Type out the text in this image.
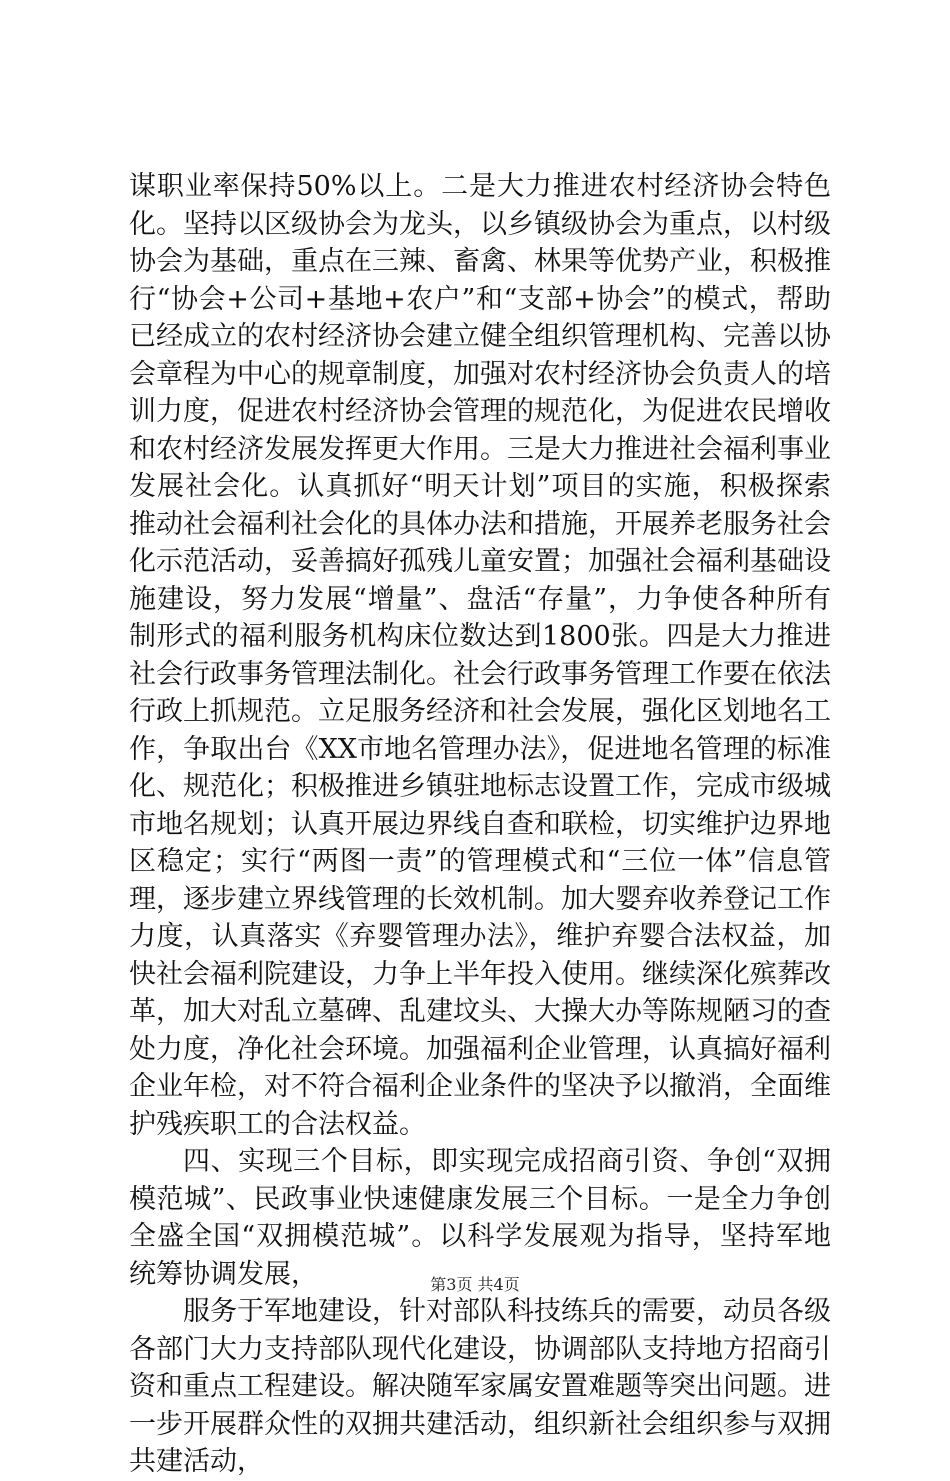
谋职业率保持50%以上。二是大力推进农村经济协会特色化。坚持以区级协会为龙头，以乡镇级协会为重点，以村级协会为基础，重点在三辣、畜禽、林果等优势产业，积极推行“协会+公司+基地+农户”和“支部+协会”的模式，帮助已经成立的农村经济协会建立健全组织管理机构、完善以协会章程为中心的规章制度，加强对农村经济协会负责人的培训力度，促进农村经济协会管理的规范化，为促进农民增收和农村经济发展发挥更大作用。三是大力推进社会福利事业发展社会化。认真抓好“明天计划”项目的实施，积极探索推动社会福利社会化的具体办法和措施，开展养老服务社会化示范活动，妥善搞好孤残儿童安置；加强社会福利基础设施建设，努力发展“增量”、盘活“存量”，力争使各种所有制形式的福利服务机构床位数达到1800张。四是大力推进社会行政事务管理法制化。社会行政事务管理工作要在依法行政上抓规范。立足服务经济和社会发展，强化区划地名工作，争取出台《XX市地名管理办法》，促进地名管理的标准化、规范化；积极推进乡镇驻地标志设置工作，完成市级城市地名规划；认真开展边界线自查和联检，切实维护边界地区稳定；实行“两图一责”的管理模式和“三位一体”信息管理，逐步建立界线管理的长效机制。加大婴弃收养登记工作力度，认真落实《弃婴管理办法》，维护弃婴合法权益，加快社会福利院建设，力争上半年投入使用。继续深化殡葬改革，加大对乱立墓碑、乱建坟头、大操大办等陈规陋习的查处力度，净化社会环境。加强福利企业管理，认真搞好福利企业年检，对不符合福利企业条件的坚决予以撤消，全面维护残疾职工的合法权益。

四、实现三个目标，即实现完成招商引资、争创“双拥模范城”、民政事业快速健康发展三个目标。一是全力争创全盛全国“双拥模范城”。以科学发展观为指导，坚持军地统筹协调发展，

服务于军地建设，针对部队科技练兵的需要，动员各级各部门大力支持部队现代化建设，协调部队支持地方招商引资和重点工程建设。解决随军家属安置难题等突出问题。进一步开展群众性的双拥共建活动，组织新社会组织参与双拥共建活动，

第3页 共4页
